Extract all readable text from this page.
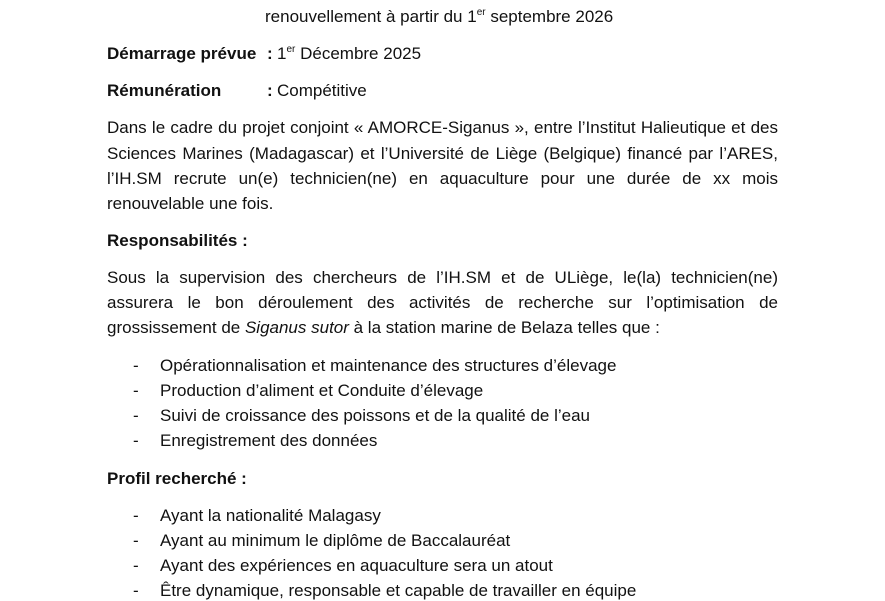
renouvellement à partir du 1er septembre 2026
Démarrage prévue : 1er Décembre 2025
Rémunération	: Compétitive
Dans le cadre du projet conjoint « AMORCE-Siganus », entre l’Institut Halieutique et des
Sciences Marines (Madagascar) et l’Université de Liège (Belgique) financé par l’ARES,
l’IH.SM recrute un(e) technicien(ne) en aquaculture pour une durée de xx mois
renouvelable une fois.
Responsabilités :
Sous la supervision des chercheurs de l’IH.SM et de ULiège, le(la) technicien(ne)
assurera le bon déroulement des activités de recherche sur l’optimisation de
grossissement de Siganus sutor à la station marine de Belaza telles que :
- Opérationnalisation et maintenance des structures d’élevage
- Production d’aliment et Conduite d’élevage
- Suivi de croissance des poissons et de la qualité de l’eau
- Enregistrement des données
Profil recherché :
- Ayant la nationalité Malagasy
- Ayant au minimum le diplôme de Baccalauréat
- Ayant des expériences en aquaculture sera un atout
- Être dynamique, responsable et capable de travailler en équipe
